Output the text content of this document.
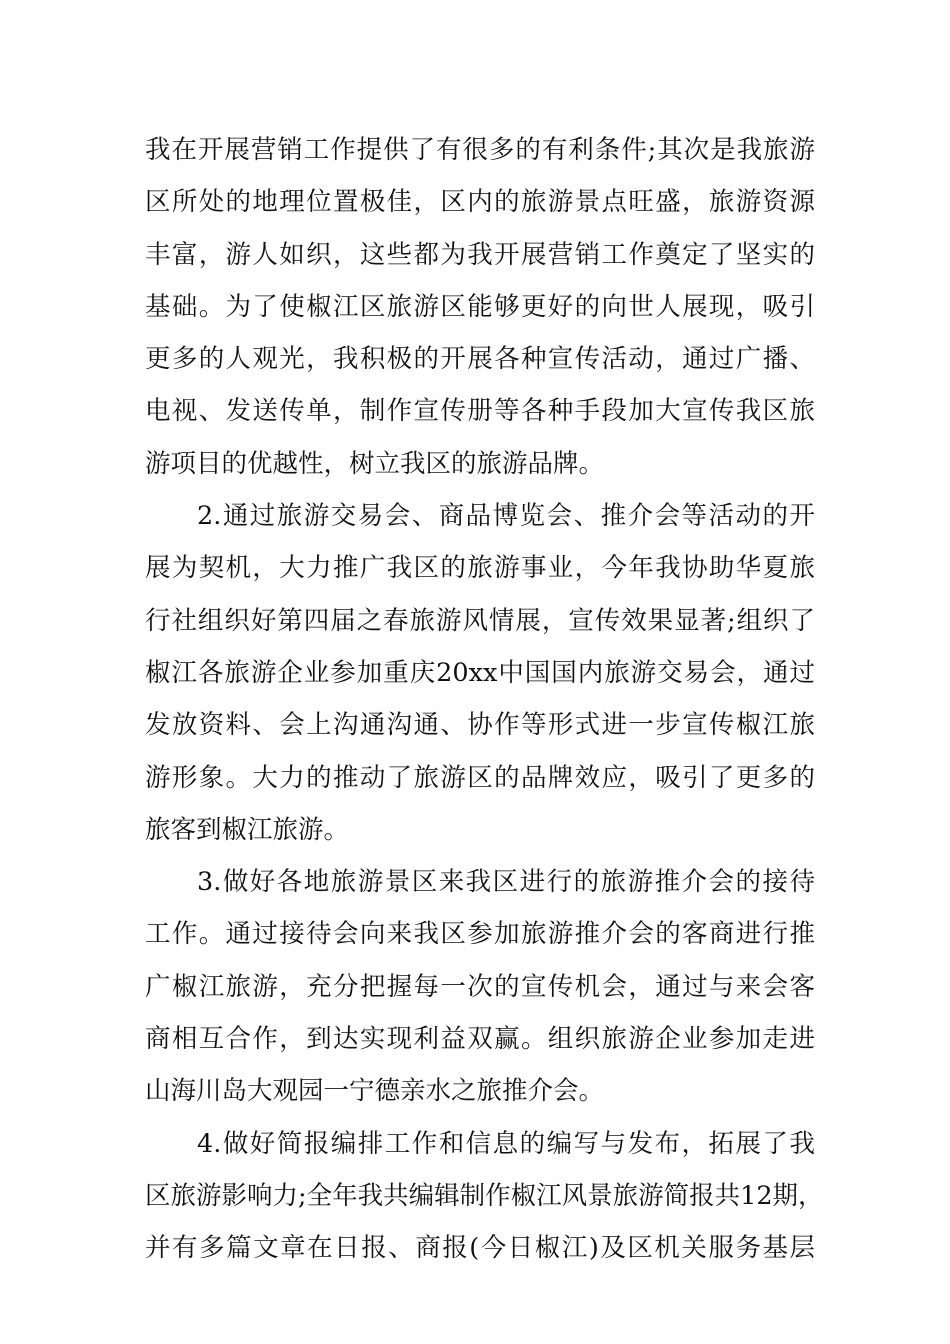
我在开展营销工作提供了有很多的有利条件;其次是我旅游
区所处的地理位置极佳，区内的旅游景点旺盛，旅游资源
丰富，游人如织，这些都为我开展营销工作奠定了坚实的
基础。为了使椒江区旅游区能够更好的向世人展现，吸引
更多的人观光，我积极的开展各种宣传活动，通过广播、
电视、发送传单，制作宣传册等各种手段加大宣传我区旅
游项目的优越性，树立我区的旅游品牌。
2.通过旅游交易会、商品博览会、推介会等活动的开
展为契机，大力推广我区的旅游事业，今年我协助华夏旅
行社组织好第四届之春旅游风情展，宣传效果显著;组织了
椒江各旅游企业参加重庆20xx中国国内旅游交易会，通过
发放资料、会上沟通沟通、协作等形式进一步宣传椒江旅
游形象。大力的推动了旅游区的品牌效应，吸引了更多的
旅客到椒江旅游。
3.做好各地旅游景区来我区进行的旅游推介会的接待
工作。通过接待会向来我区参加旅游推介会的客商进行推
广椒江旅游，充分把握每一次的宣传机会，通过与来会客
商相互合作，到达实现利益双赢。组织旅游企业参加走进
山海川岛大观园一宁德亲水之旅推介会。
4.做好简报编排工作和信息的编写与发布，拓展了我
区旅游影响力;全年我共编辑制作椒江风景旅游简报共12期，
并有多篇文章在日报、商报(今日椒江)及区机关服务基层
